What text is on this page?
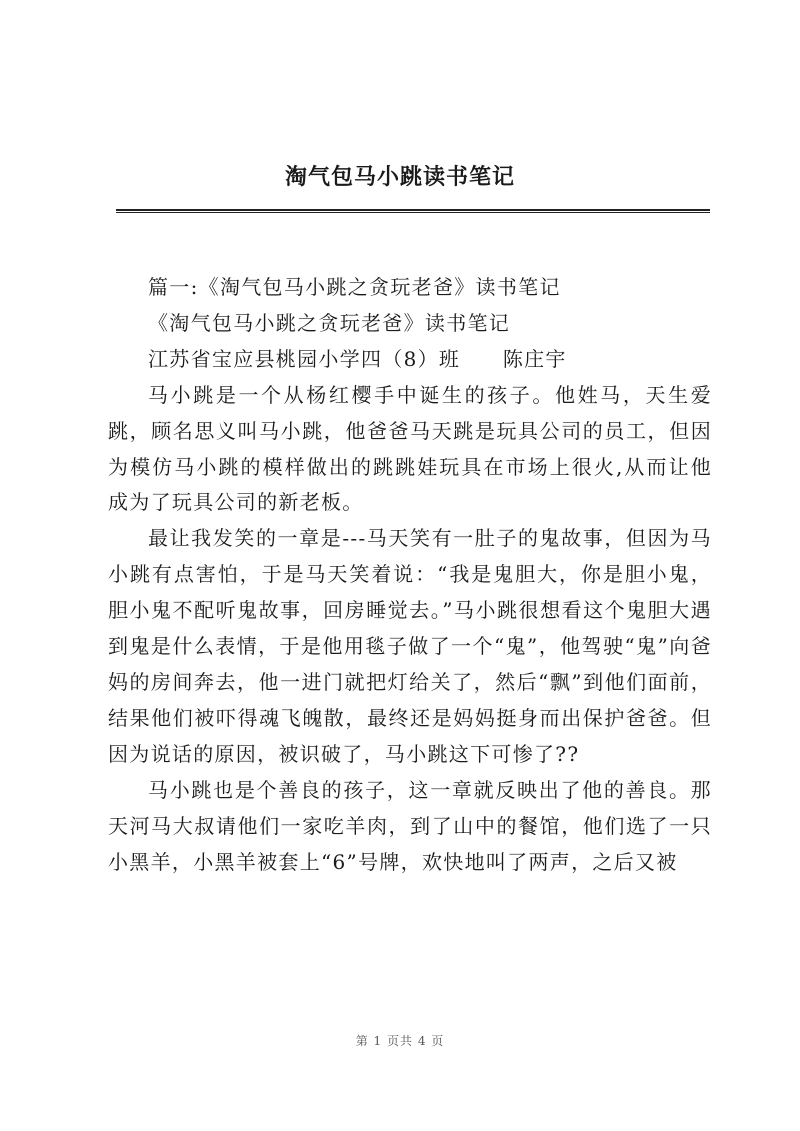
淘气包马小跳读书笔记

篇一:《淘气包马小跳之贪玩老爸》读书笔记

《淘气包马小跳之贪玩老爸》读书笔记

江苏省宝应县桃园小学四（8）班　　陈庄宇

马小跳是一个从杨红樱手中诞生的孩子。他姓马，天生爱跳，顾名思义叫马小跳，他爸爸马天跳是玩具公司的员工，但因为模仿马小跳的模样做出的跳跳娃玩具在市场上很火,从而让他成为了玩具公司的新老板。

最让我发笑的一章是---马天笑有一肚子的鬼故事，但因为马小跳有点害怕，于是马天笑着说：“我是鬼胆大，你是胆小鬼，胆小鬼不配听鬼故事，回房睡觉去。”马小跳很想看这个鬼胆大遇到鬼是什么表情，于是他用毯子做了一个“鬼”，他驾驶“鬼”向爸妈的房间奔去，他一进门就把灯给关了，然后“飘”到他们面前，结果他们被吓得魂飞魄散，最终还是妈妈挺身而出保护爸爸。但因为说话的原因，被识破了，马小跳这下可惨了??

马小跳也是个善良的孩子，这一章就反映出了他的善良。那天河马大叔请他们一家吃羊肉，到了山中的餐馆，他们选了一只小黑羊，小黑羊被套上“6”号牌，欢快地叫了两声，之后又被

第 1 页共 4 页
